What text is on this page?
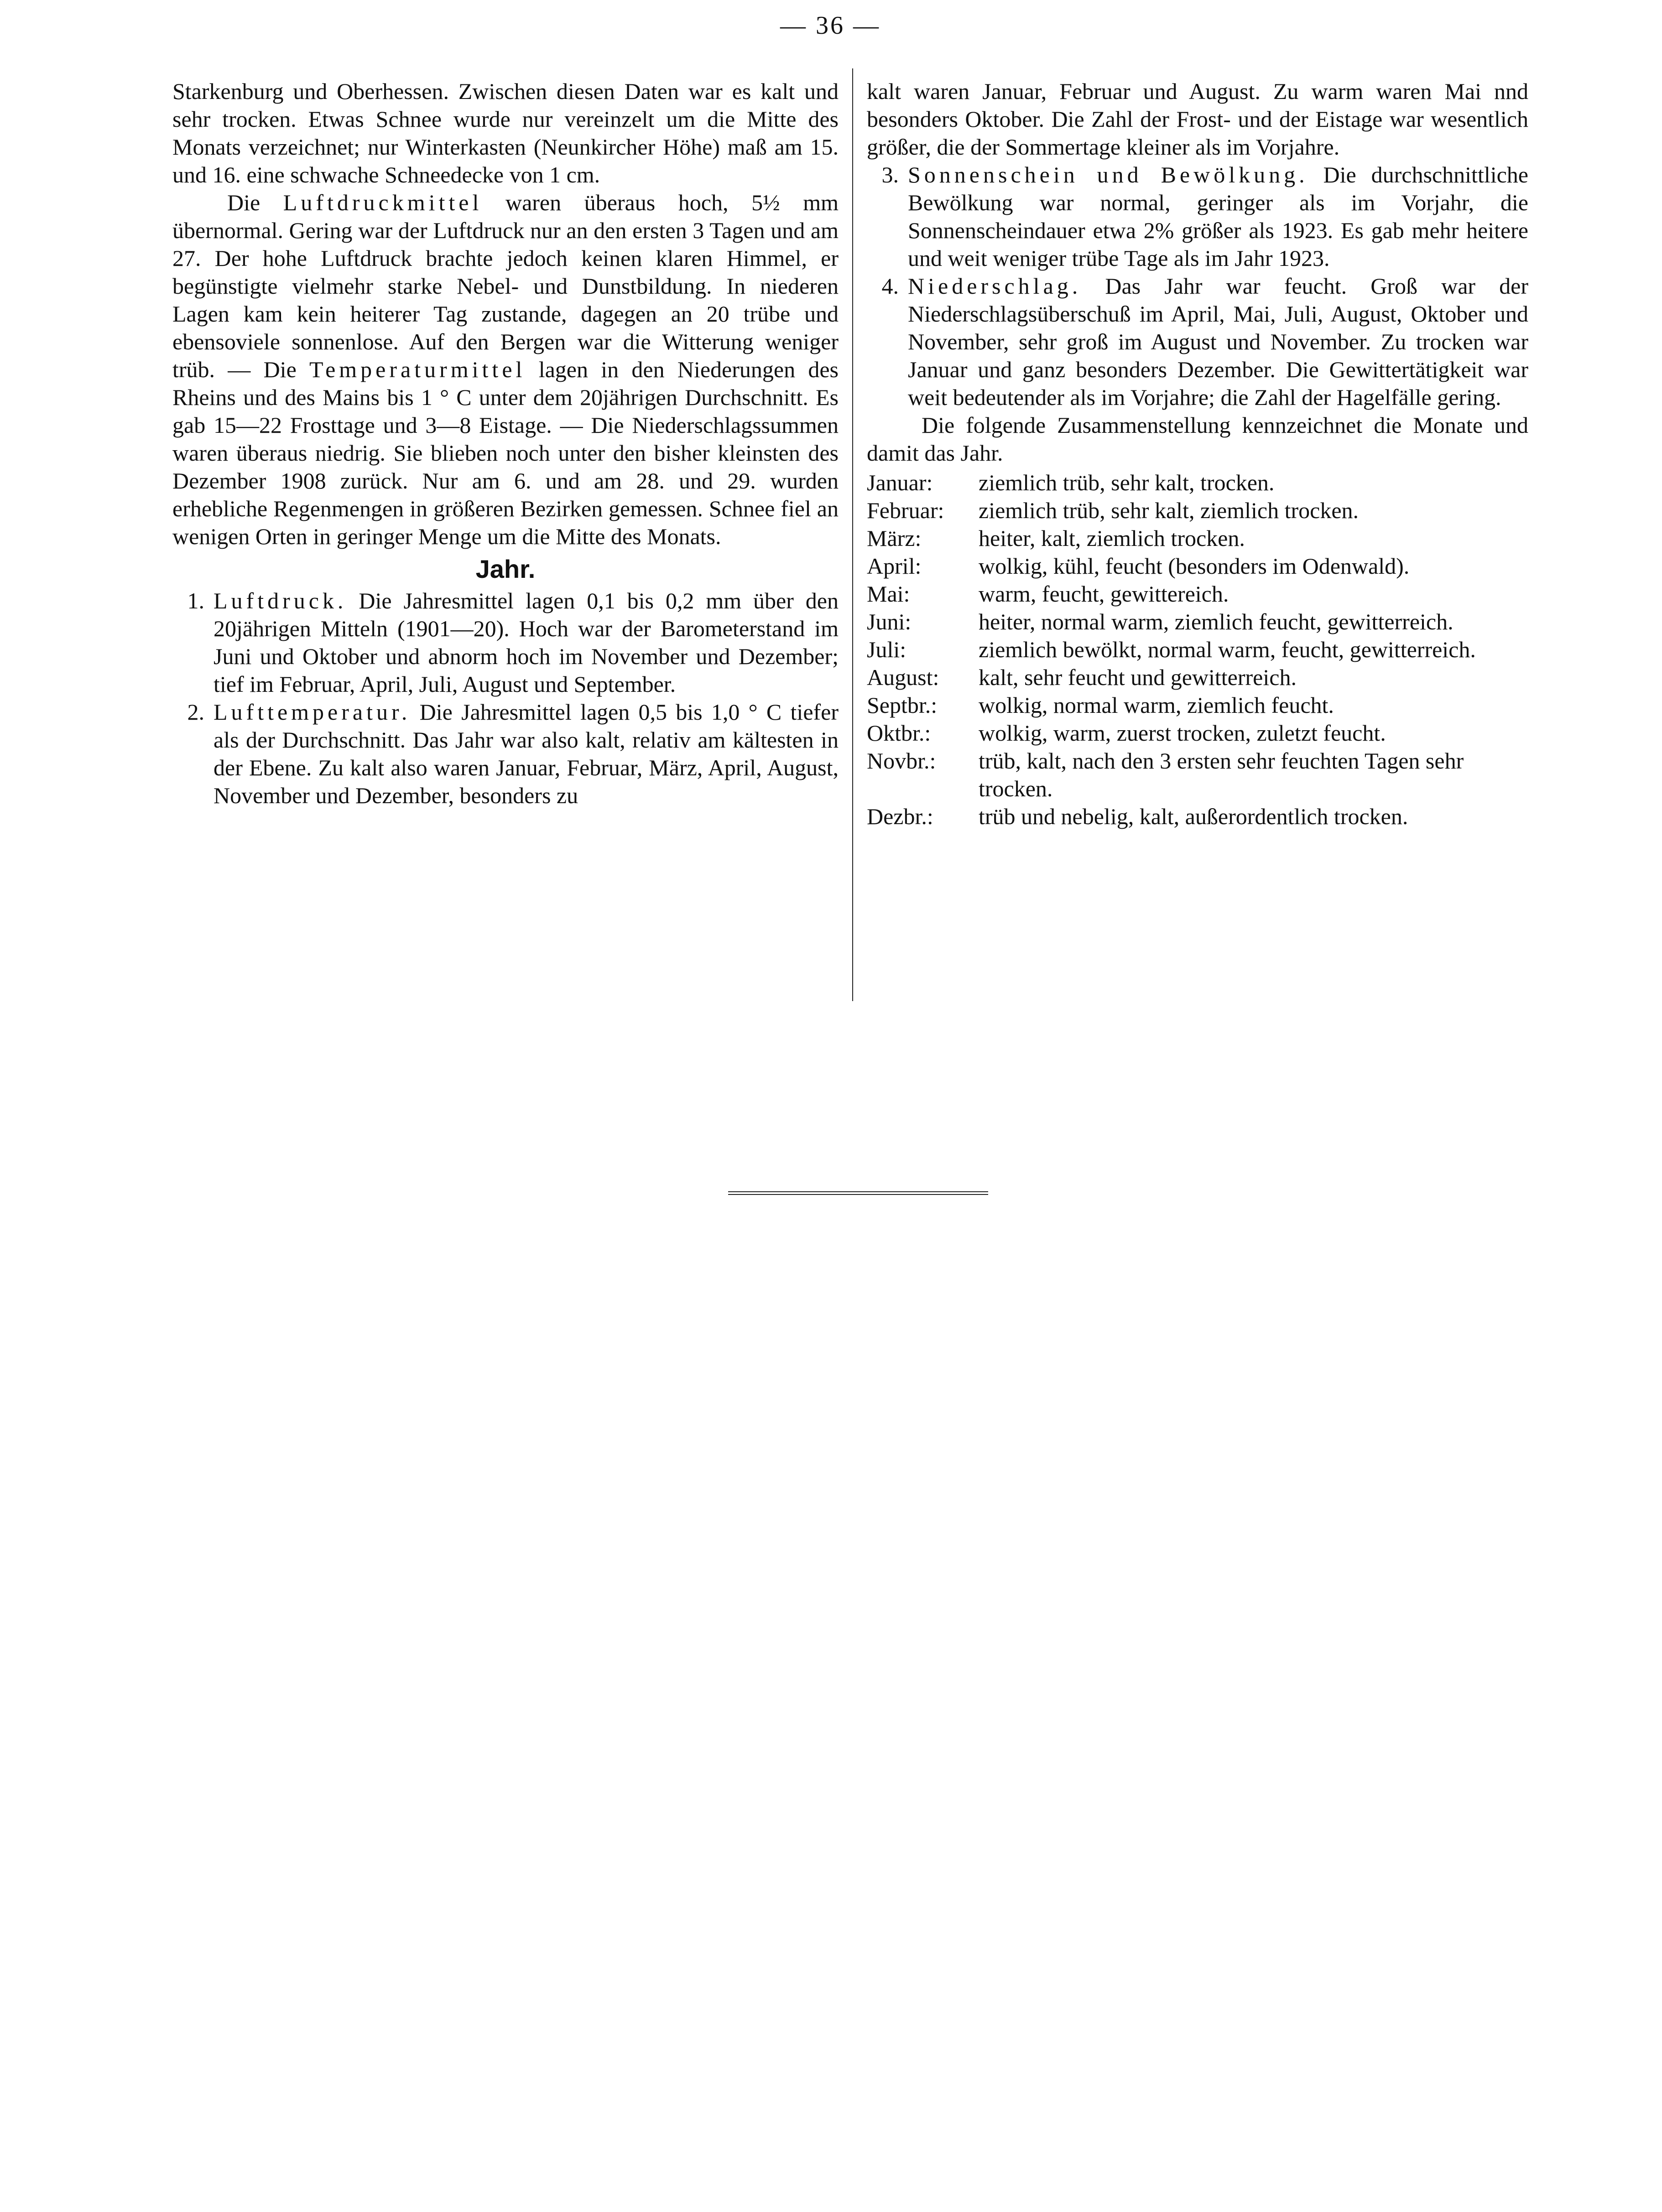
— 36 —

Starkenburg und Oberhessen. Zwischen diesen Daten war es kalt und sehr trocken. Etwas Schnee wurde nur vereinzelt um die Mitte des Monats verzeichnet; nur Winterkasten (Neunkircher Höhe) maß am 15. und 16. eine schwache Schneedecke von 1 cm.

Die Luftdruckmittel waren überaus hoch, 5½ mm übernormal. Gering war der Luftdruck nur an den ersten 3 Tagen und am 27. Der hohe Luftdruck brachte jedoch keinen klaren Himmel, er begünstigte vielmehr starke Nebel- und Dunstbildung. In niederen Lagen kam kein heiterer Tag zustande, dagegen an 20 trübe und ebensoviele sonnenlose. Auf den Bergen war die Witterung weniger trüb. — Die Temperaturmittel lagen in den Niederungen des Rheins und des Mains bis 1 ° C unter dem 20jährigen Durchschnitt. Es gab 15—22 Frosttage und 3—8 Eistage. — Die Niederschlagssummen waren überaus niedrig. Sie blieben noch unter den bisher kleinsten des Dezember 1908 zurück. Nur am 6. und am 28. und 29. wurden erhebliche Regenmengen in größeren Bezirken gemessen. Schnee fiel an wenigen Orten in geringer Menge um die Mitte des Monats.

Jahr.
1. Luftdruck. Die Jahresmittel lagen 0,1 bis 0,2 mm über den 20jährigen Mitteln (1901—20). Hoch war der Barometerstand im Juni und Oktober und abnorm hoch im November und Dezember; tief im Februar, April, Juli, August und September.
2. Lufttemperatur. Die Jahresmittel lagen 0,5 bis 1,0 ° C tiefer als der Durchschnitt. Das Jahr war also kalt, relativ am kältesten in der Ebene. Zu kalt also waren Januar, Februar, März, April, August, November und Dezember, besonders zu

kalt waren Januar, Februar und August. Zu warm waren Mai nnd besonders Oktober. Die Zahl der Frost- und der Eistage war wesentlich größer, die der Sommertage kleiner als im Vorjahre.

3. Sonnenschein und Bewölkung. Die durchschnittliche Bewölkung war normal, geringer als im Vorjahr, die Sonnenscheindauer etwa 2% größer als 1923. Es gab mehr heitere und weit weniger trübe Tage als im Jahr 1923.
4. Niederschlag. Das Jahr war feucht. Groß war der Niederschlagsüberschuß im April, Mai, Juli, August, Oktober und November, sehr groß im August und November. Zu trocken war Januar und ganz besonders Dezember. Die Gewittertätigkeit war weit bedeutender als im Vorjahre; die Zahl der Hagelfälle gering.

Die folgende Zusammenstellung kennzeichnet die Monate und damit das Jahr.

Januar:	ziemlich trüb, sehr kalt, trocken.
Februar:	ziemlich trüb, sehr kalt, ziemlich trocken.
März:	heiter, kalt, ziemlich trocken.
April:	wolkig, kühl, feucht (besonders im Odenwald).
Mai:	warm, feucht, gewittereich.
Juni:	heiter, normal warm, ziemlich feucht, gewitterreich.
Juli:	ziemlich bewölkt, normal warm, feucht, gewitterreich.
August:	kalt, sehr feucht und gewitterreich.
Septbr.:	wolkig, normal warm, ziemlich feucht.
Oktbr.:	wolkig, warm, zuerst trocken, zuletzt feucht.
Novbr.:	trüb, kalt, nach den 3 ersten sehr feuchten Tagen sehr trocken.
Dezbr.:	trüb und nebelig, kalt, außerordentlich trocken.
